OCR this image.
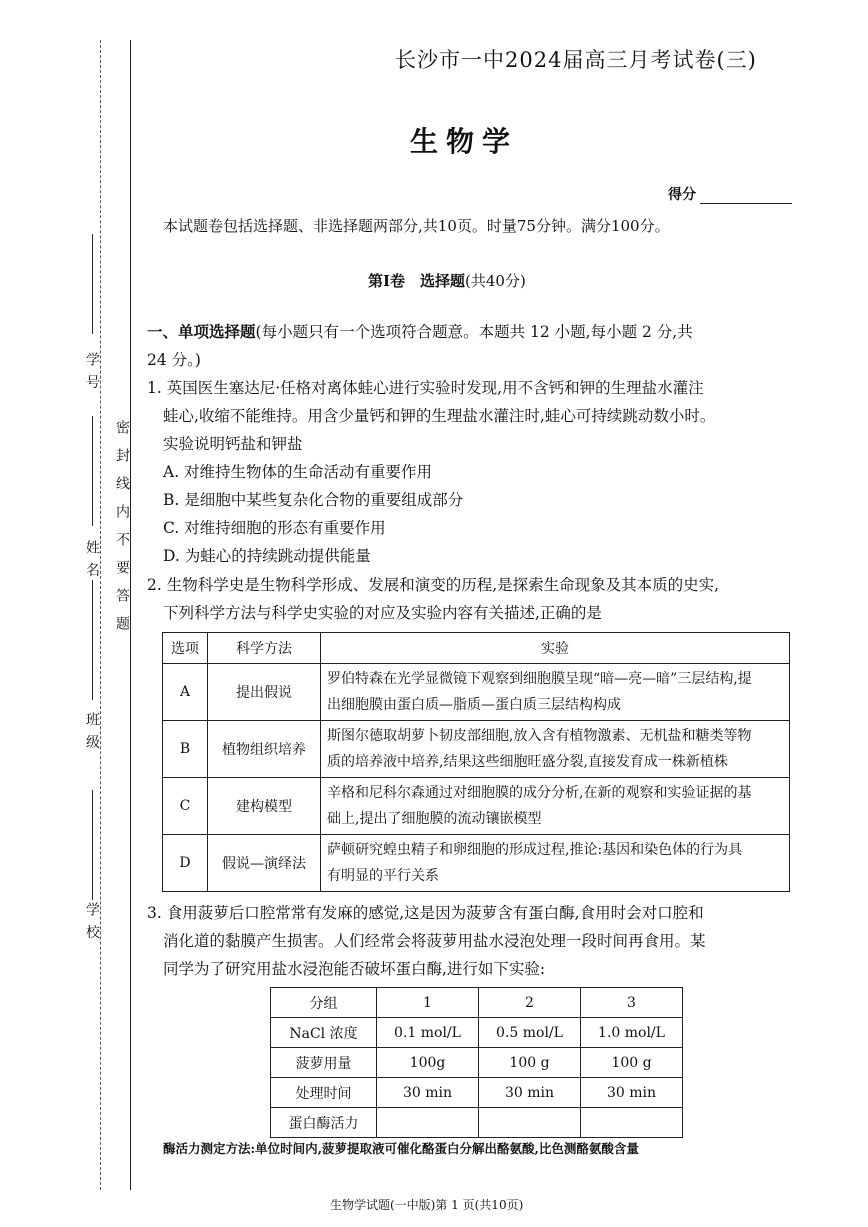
学 号
姓 名
班 级
学 校
密封线内不要答题
长沙市一中2024届高三月考试卷(三)
生物学
得分
本试题卷包括选择题、非选择题两部分,共10页。时量75分钟。满分100分。
第Ⅰ卷　选择题(共40分)
一、单项选择题(每小题只有一个选项符合题意。本题共 12 小题,每小题 2 分,共
24 分。)
1. 英国医生塞达尼·任格对离体蛙心进行实验时发现,用不含钙和钾的生理盐水灌注
蛙心,收缩不能维持。用含少量钙和钾的生理盐水灌注时,蛙心可持续跳动数小时。
实验说明钙盐和钾盐
A. 对维持生物体的生命活动有重要作用
B. 是细胞中某些复杂化合物的重要组成部分
C. 对维持细胞的形态有重要作用
D. 为蛙心的持续跳动提供能量
2. 生物科学史是生物科学形成、发展和演变的历程,是探索生命现象及其本质的史实,
下列科学方法与科学史实验的对应及实验内容有关描述,正确的是
选项	科学方法	实验
A	提出假说	罗伯特森在光学显微镜下观察到细胞膜呈现“暗—亮—暗”三层结构,提
出细胞膜由蛋白质—脂质—蛋白质三层结构构成

B	植物组织培养	斯图尔德取胡萝卜韧皮部细胞,放入含有植物激素、无机盐和糖类等物
质的培养液中培养,结果这些细胞旺盛分裂,直接发育成一株新植株

C	建构模型	辛格和尼科尔森通过对细胞膜的成分分析,在新的观察和实验证据的基
础上,提出了细胞膜的流动镶嵌模型

D	假说—演绎法	萨顿研究蝗虫精子和卵细胞的形成过程,推论:基因和染色体的行为具
有明显的平行关系
3. 食用菠萝后口腔常常有发麻的感觉,这是因为菠萝含有蛋白酶,食用时会对口腔和
消化道的黏膜产生损害。人们经常会将菠萝用盐水浸泡处理一段时间再食用。某
同学为了研究用盐水浸泡能否破坏蛋白酶,进行如下实验:
分组	1	2	3
NaCl 浓度	0.1 mol/L	0.5 mol/L	1.0 mol/L
菠萝用量	100g	100 g	100 g
处理时间	30 min	30 min	30 min
蛋白酶活力			
酶活力测定方法:单位时间内,菠萝提取液可催化酪蛋白分解出酪氨酸,比色测酪氨酸含量
生物学试题(一中版)第 1 页(共10页)
